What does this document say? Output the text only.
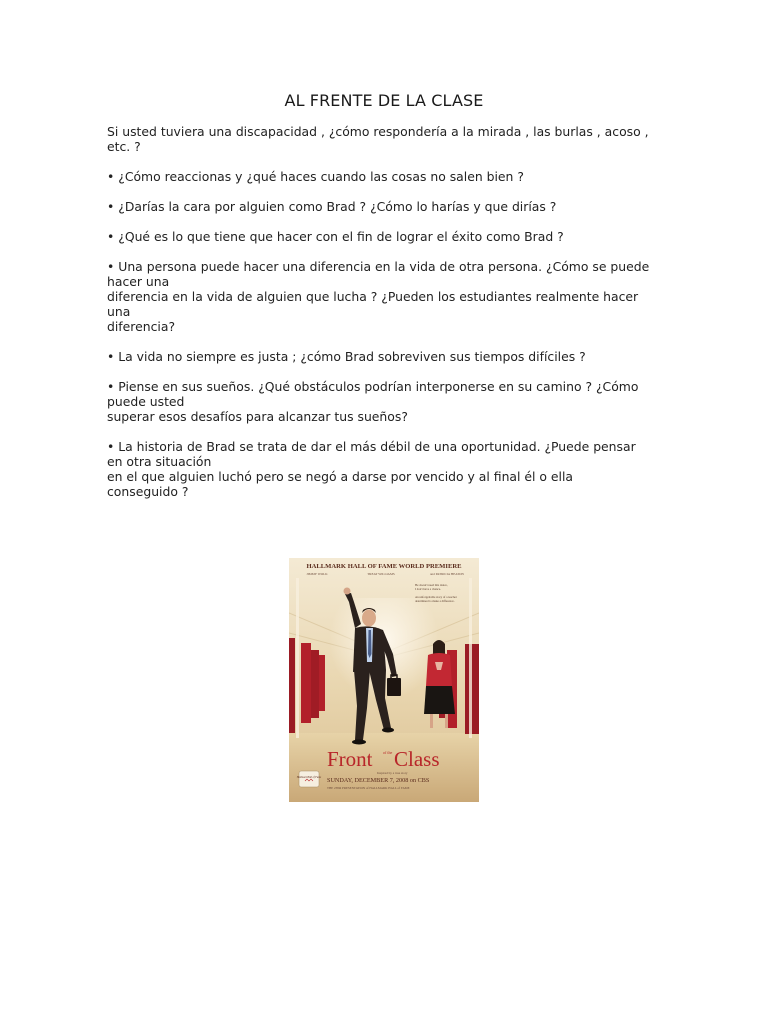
AL FRENTE DE LA CLASE
Si usted tuviera una discapacidad , ¿cómo respondería a la mirada , las burlas , acoso ,
etc. ?
• ¿Cómo reaccionas y ¿qué haces cuando las cosas no salen bien ?
• ¿Darías la cara por alguien como Brad ? ¿Cómo lo harías y que dirías ?
• ¿Qué es lo que tiene que hacer con el fin de lograr el éxito como Brad ?
• Una persona puede hacer una diferencia en la vida de otra persona. ¿Cómo se puede
hacer una
diferencia en la vida de alguien que lucha ? ¿Pueden los estudiantes realmente hacer
una
diferencia?
• La vida no siempre es justa ; ¿cómo Brad sobreviven sus tiempos difíciles ?
• Piense en sus sueños. ¿Qué obstáculos podrían interponerse en su camino ? ¿Cómo
puede usted
superar esos desafíos para alcanzar tus sueños?
• La historia de Brad se trata de dar el más débil de una oportunidad. ¿Puede pensar
en otra situación
en el que alguien luchó pero se negó a darse por vencido y al final él o ella
conseguido ?
HALLMARK HALL OF FAME WORLD PREMIERE
JIMMY WOLK	TREAT WILLIAMS	and PATRICIA HEATON
He doesn't need this dance,
I don't have a chance.
An unforgettable story of a teacher
determined to make a difference.
Front	of the Class
Inspired by a true story
Hallmark Hall of Fame SUNDAY, DECEMBER 7, 2008 on CBS
THE 238th PRESENTATION of HALLMARK HALL of FAME
